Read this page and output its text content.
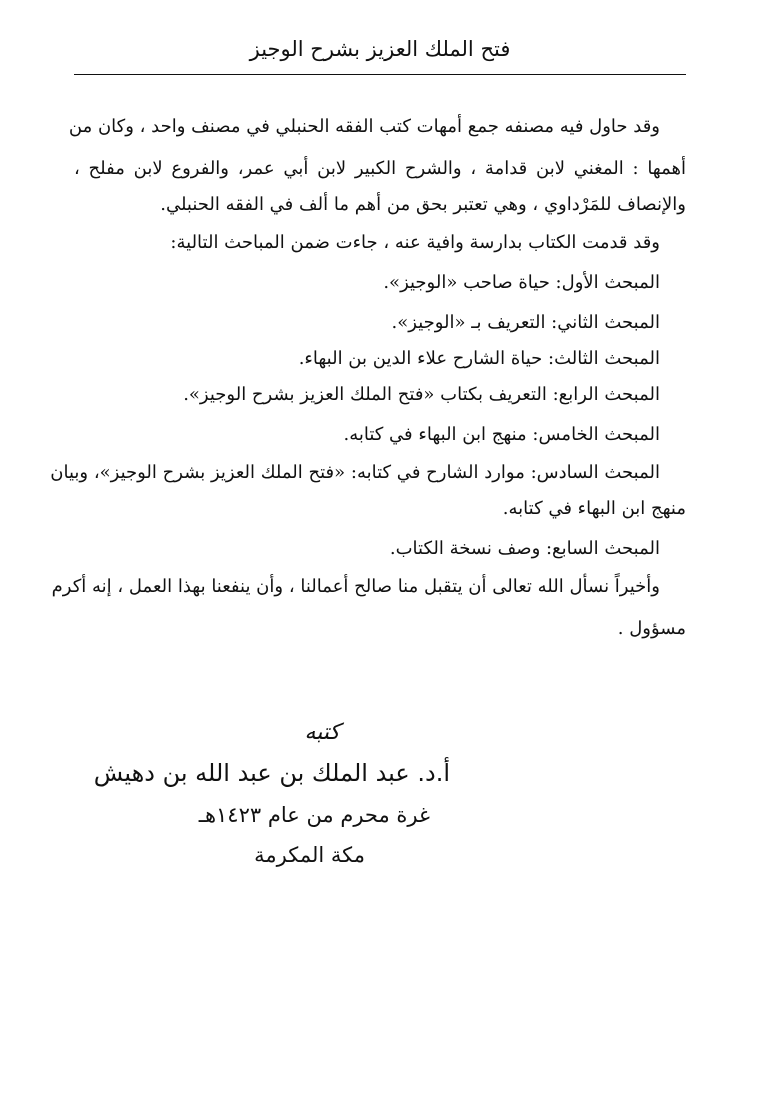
فتح الملك العزيز بشرح الوجيز
وقد حاول فيه مصنفه جمع أمهات كتب الفقه الحنبلي في مصنف واحد ، وكان من
أهمها : المغني لابن قدامة ، والشرح الكبير لابن أبي عمر، والفروع لابن مفلح ،
والإنصاف للمَرْداوي ، وهي تعتبر بحق من أهم ما ألف في الفقه الحنبلي.
وقد قدمت الكتاب بدارسة وافية عنه ، جاءت ضمن المباحث التالية:
المبحث الأول: حياة صاحب «الوجيز».
المبحث الثاني: التعريف بـ «الوجيز».
المبحث الثالث: حياة الشارح علاء الدين بن البهاء.
المبحث الرابع: التعريف بكتاب «فتح الملك العزيز بشرح الوجيز».
المبحث الخامس: منهج ابن البهاء في كتابه.
المبحث السادس: موارد الشارح في كتابه: «فتح الملك العزيز بشرح الوجيز»، وبيان
منهج ابن البهاء في كتابه.
المبحث السابع: وصف نسخة الكتاب.
وأخيراً نسأل الله تعالى أن يتقبل منا صالح أعمالنا ، وأن ينفعنا بهذا العمل ، إنه أكرم
مسؤول .
كتبه
أ.د. عبد الملك بن عبد الله بن دهيش
غرة محرم من عام ١٤٢٣هـ
مكة المكرمة
